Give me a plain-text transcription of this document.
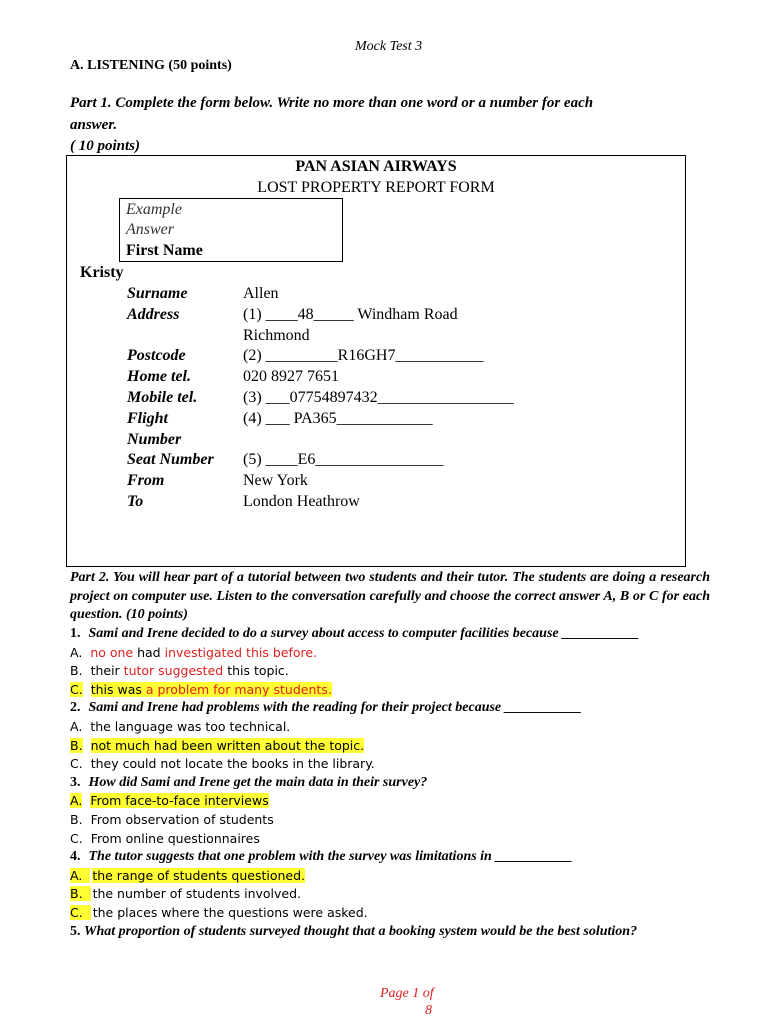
Mock Test 3
A. LISTENING (50 points)
Part 1. Complete the form below. Write no more than one word or a number for each
answer.
( 10 points)
PAN ASIAN AIRWAYS
LOST PROPERTY REPORT FORM
Example
Answer
First Name
Kristy
Surname	Allen
Address	(1) ____48_____ Windham Road
Richmond
Postcode	(2) _________R16GH7___________
Home tel.	020 8927 7651
Mobile tel.	(3) ___07754897432_________________
Flight	(4) ___ PA365____________
Number
Seat Number (5) ____E6________________
From	New York
To	London Heathrow
Part 2. You will hear part of a tutorial between two students and their tutor. The students are doing a research project on computer use. Listen to the conversation carefully and choose the correct answer A, B or C for each question. (10 points)
1. Sami and Irene decided to do a survey about access to computer facilities because ___________
A. no one had investigated this before.
B. their tutor suggested this topic.
C. this was a problem for many students.
2. Sami and Irene had problems with the reading for their project because ___________
A. the language was too technical.
B. not much had been written about the topic.
C. they could not locate the books in the library.
3. How did Sami and Irene get the main data in their survey?
A. From face-to-face interviews
B. From observation of students
C. From online questionnaires
4. The tutor suggests that one problem with the survey was limitations in ___________
A. the range of students questioned.
B. the number of students involved.
C. the places where the questions were asked.
5. What proportion of students surveyed thought that a booking system would be the best solution?
Page 1 of
8
